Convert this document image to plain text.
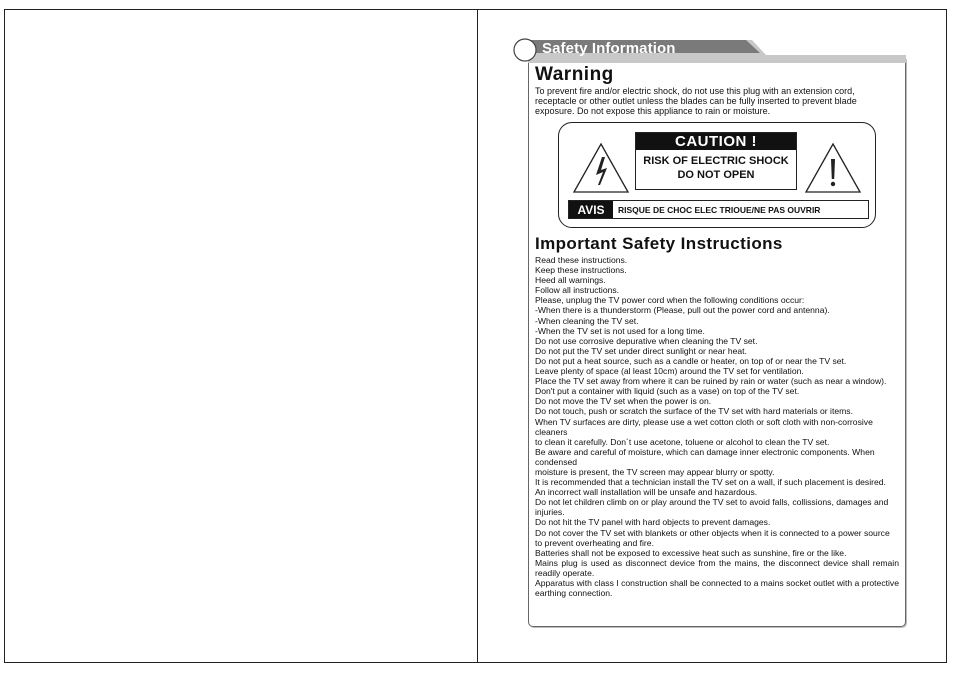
Safety Information
Warning
To prevent fire and/or electric shock, do not use this plug with an extension cord, receptacle or other outlet unless the blades can be fully inserted to prevent blade exposure. Do not expose this appliance to rain or moisture.
CAUTION !
RISK OF ELECTRIC SHOCK
DO NOT OPEN
AVIS	RISQUE DE CHOC ELEC TRIOUE/NE PAS OUVRIR
Important Safety Instructions
Read these instructions.
Keep these instructions.
Heed all warnings.
Follow all instructions.
Please, unplug the TV power cord when the following conditions occur:
-When there is a thunderstorm (Please, pull out the power cord and antenna).
-When cleaning the TV set.
-When the TV set is not used for a long time.
Do not use corrosive depurative when cleaning the TV set.
Do not put the TV set under direct sunlight or near heat.
Do not put a heat source, such as a candle or heater, on top of or near the TV set.
Leave plenty of space (al least 10cm) around the TV set for ventilation.
Place the TV set away from where it can be ruined by rain or water (such as near a window).
Don't put a container with liquid (such as a vase) on top of the TV set.
Do not move the TV set when the power is on.
Do not touch, push or scratch the surface of the TV set with hard materials or items.
When TV surfaces are dirty, please use a wet cotton cloth or soft cloth with non-corrosive cleaners
to clean it carefully. Don´t use acetone, toluene or alcohol to clean the TV set.
Be aware and careful of moisture, which can damage inner electronic components. When condensed
moisture is present, the TV screen may appear blurry or spotty.
It is recommended that a technician install the TV set on a wall, if such placement is desired.
An incorrect wall installation will be unsafe and hazardous.
Do not let children climb on or play around the TV set to avoid falls, collissions, damages and injuries.
Do not hit the TV panel with hard objects to prevent damages.
Do not cover the TV set with blankets or other objects when it is connected to a power source to prevent overheating and fire.
Batteries shall not be exposed to excessive heat such as sunshine, fire or the like.
Mains plug is used as disconnect device from the mains, the disconnect device shall remain readily operate.
Apparatus with class I construction shall be connected to a mains socket outlet with a protective earthing connection.
